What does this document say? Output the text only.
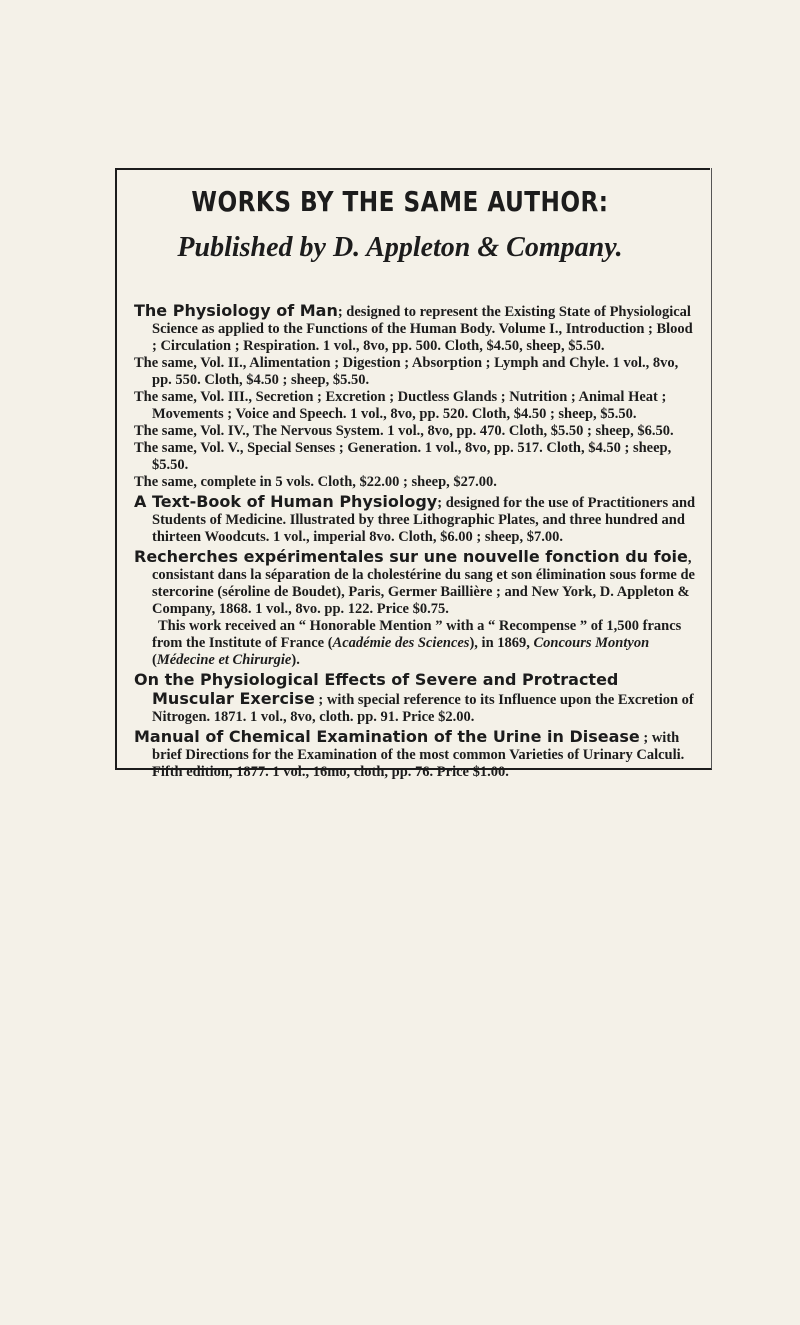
WORKS BY THE SAME AUTHOR:
Published by D. Appleton & Company.

The Physiology of Man; designed to represent the Existing State of Physiological Science as applied to the Functions of the Human Body. Volume I., Introduction ; Blood ; Circulation ; Respiration. 1 vol., 8vo, pp. 500. Cloth, $4.50, sheep, $5.50.

The same, Vol. II., Alimentation ; Digestion ; Absorption ; Lymph and Chyle. 1 vol., 8vo, pp. 550. Cloth, $4.50 ; sheep, $5.50.

The same, Vol. III., Secretion ; Excretion ; Ductless Glands ; Nutrition ; Animal Heat ; Movements ; Voice and Speech. 1 vol., 8vo, pp. 520. Cloth, $4.50 ; sheep, $5.50.

The same, Vol. IV., The Nervous System. 1 vol., 8vo, pp. 470. Cloth, $5.50 ; sheep, $6.50.

The same, Vol. V., Special Senses ; Generation. 1 vol., 8vo, pp. 517. Cloth, $4.50 ; sheep, $5.50.

The same, complete in 5 vols. Cloth, $22.00 ; sheep, $27.00.

A Text-Book of Human Physiology; designed for the use of Practitioners and Students of Medicine. Illustrated by three Lithographic Plates, and three hundred and thirteen Woodcuts. 1 vol., imperial 8vo. Cloth, $6.00 ; sheep, $7.00.

Recherches expérimentales sur une nouvelle fonction du foie, consistant dans la séparation de la cholestérine du sang et son élimination sous forme de stercorine (séroline de Boudet), Paris, Germer Baillière ; and New York, D. Appleton & Company, 1868. 1 vol., 8vo. pp. 122. Price $0.75.

This work received an “ Honorable Mention ” with a “ Recompense ” of 1,500 francs from the Institute of France (Académie des Sciences), in 1869, Concours Montyon (Médecine et Chirurgie).

On the Physiological Effects of Severe and Protracted Muscular Exercise ; with special reference to its Influence upon the Excretion of Nitrogen. 1871. 1 vol., 8vo, cloth. pp. 91. Price $2.00.

Manual of Chemical Examination of the Urine in Disease ; with brief Directions for the Examination of the most common Varieties of Urinary Calculi. Fifth edition, 1877. 1 vol., 16mo, cloth, pp. 76. Price $1.00.
